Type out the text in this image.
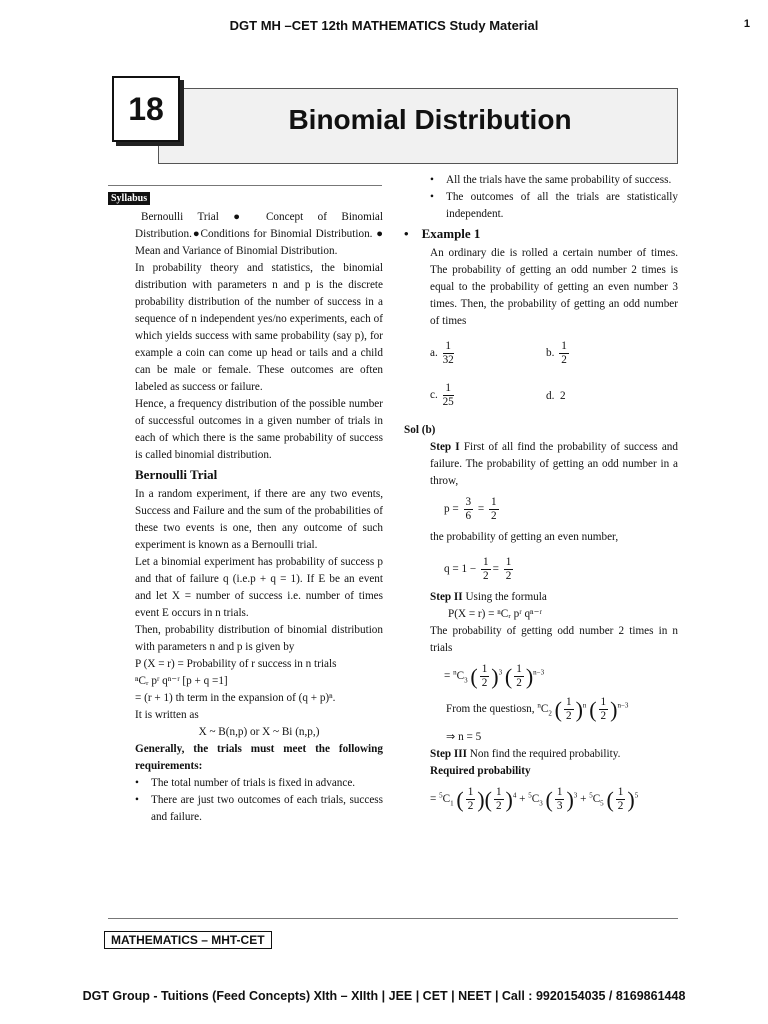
DGT MH –CET 12th MATHEMATICS Study Material	1
18	Binomial Distribution
Dgt
Syllabus

Bernoulli Trial ● Concept of Binomial Distribution.●Conditions for Binomial Distribution. ● Mean and Variance of Binomial Distribution.

In probability theory and statistics, the binomial distribution with parameters n and p is the discrete probability distribution of the number of success in a sequence of n independent yes/no experiments, each of which yields success with same probability (say p), for example a coin can come up head or tails and a child can be male or female. These outcomes are often labeled as success or failure.

Hence, a frequency distribution of the possible number of successful outcomes in a given number of trials in each of which there is the same probability of success is called binomial distribution.

Bernoulli Trial

In a random experiment, if there are any two events, Success and Failure and the sum of the probabilities of these two events is one, then any outcome of such experiment is known as a Bernoulli trial.

Let a binomial experiment has probability of success p and that of failure q (i.e.p + q = 1). If E be an event and let X = number of success i.e. number of times event E occurs in n trials.

Then, probability distribution of binomial distribution with parameters n and p is given by

P (X = r) = Probability of r success in n trials

ⁿCᵣ pʳ qⁿ⁻ʳ [p + q =1]

= (r + 1) th term in the expansion of (q + p)ⁿ.

It is written as

X ~ B(n,p) or X ~ Bi (n,p,)

Generally, the trials must meet the following requirements:

• The total number of trials is fixed in advance.

• There are just two outcomes of each trials, success and failure.

• All the trials have the same probability of success.

• The outcomes of all the trials are statistically independent.

•    Example 1

An ordinary die is rolled a certain number of times. The probability of getting an odd number 2 times is equal to the probability of getting an even number 3 times. Then, the probability of getting an odd number of times

a. $\frac{1}{32}$	b. $\frac{1}{2}$
c. $\frac{1}{25}$	d. 2

Sol (b)

Step I First of all find the probability of success and failure. The probability of getting an odd number in a throw,

$p = \frac{3}{6} = \frac{1}{2}$

the probability of getting an even number,

$q = 1 - \frac{1}{2} = \frac{1}{2}$

Step II Using the formula

P(X = r) = ⁿCᵣ pʳ qⁿ⁻ʳ

The probability of getting odd number 2 times in n trials

= $^nC_3$ ( $\frac{1}{2} )^3$ ( $\frac{1}{2} )^{n-3}$
From the questiosn, $^nC_2$ ( $\frac{1}{2} )^n$ ( $\frac{1}{2} )^{n-3}$

⇒ n = 5

Step III Non find the required probability.

Required probability

= $^5C_1$ ( $\frac{1}{2}$ )( $\frac{1}{2} )^4 + ^5C_3$ ( $\frac{1}{3} )^3 + ^5C_5$ ( $\frac{1}{2} )^5$
MATHEMATICS – MHT-CET
DGT Group - Tuitions (Feed Concepts) XIth – XIIth | JEE | CET | NEET | Call : 9920154035 / 8169861448
